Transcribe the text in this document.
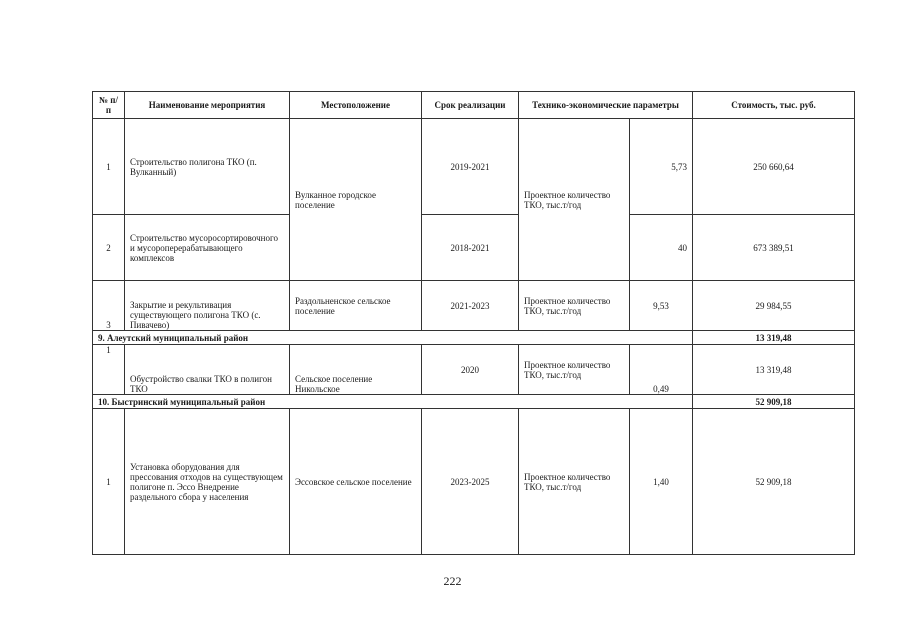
№ п/п	Наименование мероприятия	Местоположение	Срок реализации	Технико-экономические параметры		Стоимость, тыс. руб.
1	Строительство полигона ТКО (п. Вулканный)	Вулканное городское поселение	2019-2021	Проектное количество ТКО, тыс.т/год	5,73	250 660,64
2	Строительство мусоросортировочного и мусороперерабатывающего комплексов		2018-2021		40	673 389,51
3	Закрытие и рекультивация существующего полигона ТКО (с. Пивачево)	Раздольненское сельское поселение	2021-2023	Проектное количество ТКО, тыс.т/год	9,53	29 984,55
9. Алеутский муниципальный район						13 319,48
1	Обустройство свалки ТКО в полигон ТКО	Сельское поселение Никольское	2020	Проектное количество ТКО, тыс.т/год	0,49	13 319,48
10. Быстринский муниципальный район						52 909,18
1	Установка оборудования для прессования отходов на существующем полигоне п. Эссо Внедрение раздельного сбора у населения	Эссовское сельское поселение	2023-2025	Проектное количество ТКО, тыс.т/год	1,40	52 909,18
222
